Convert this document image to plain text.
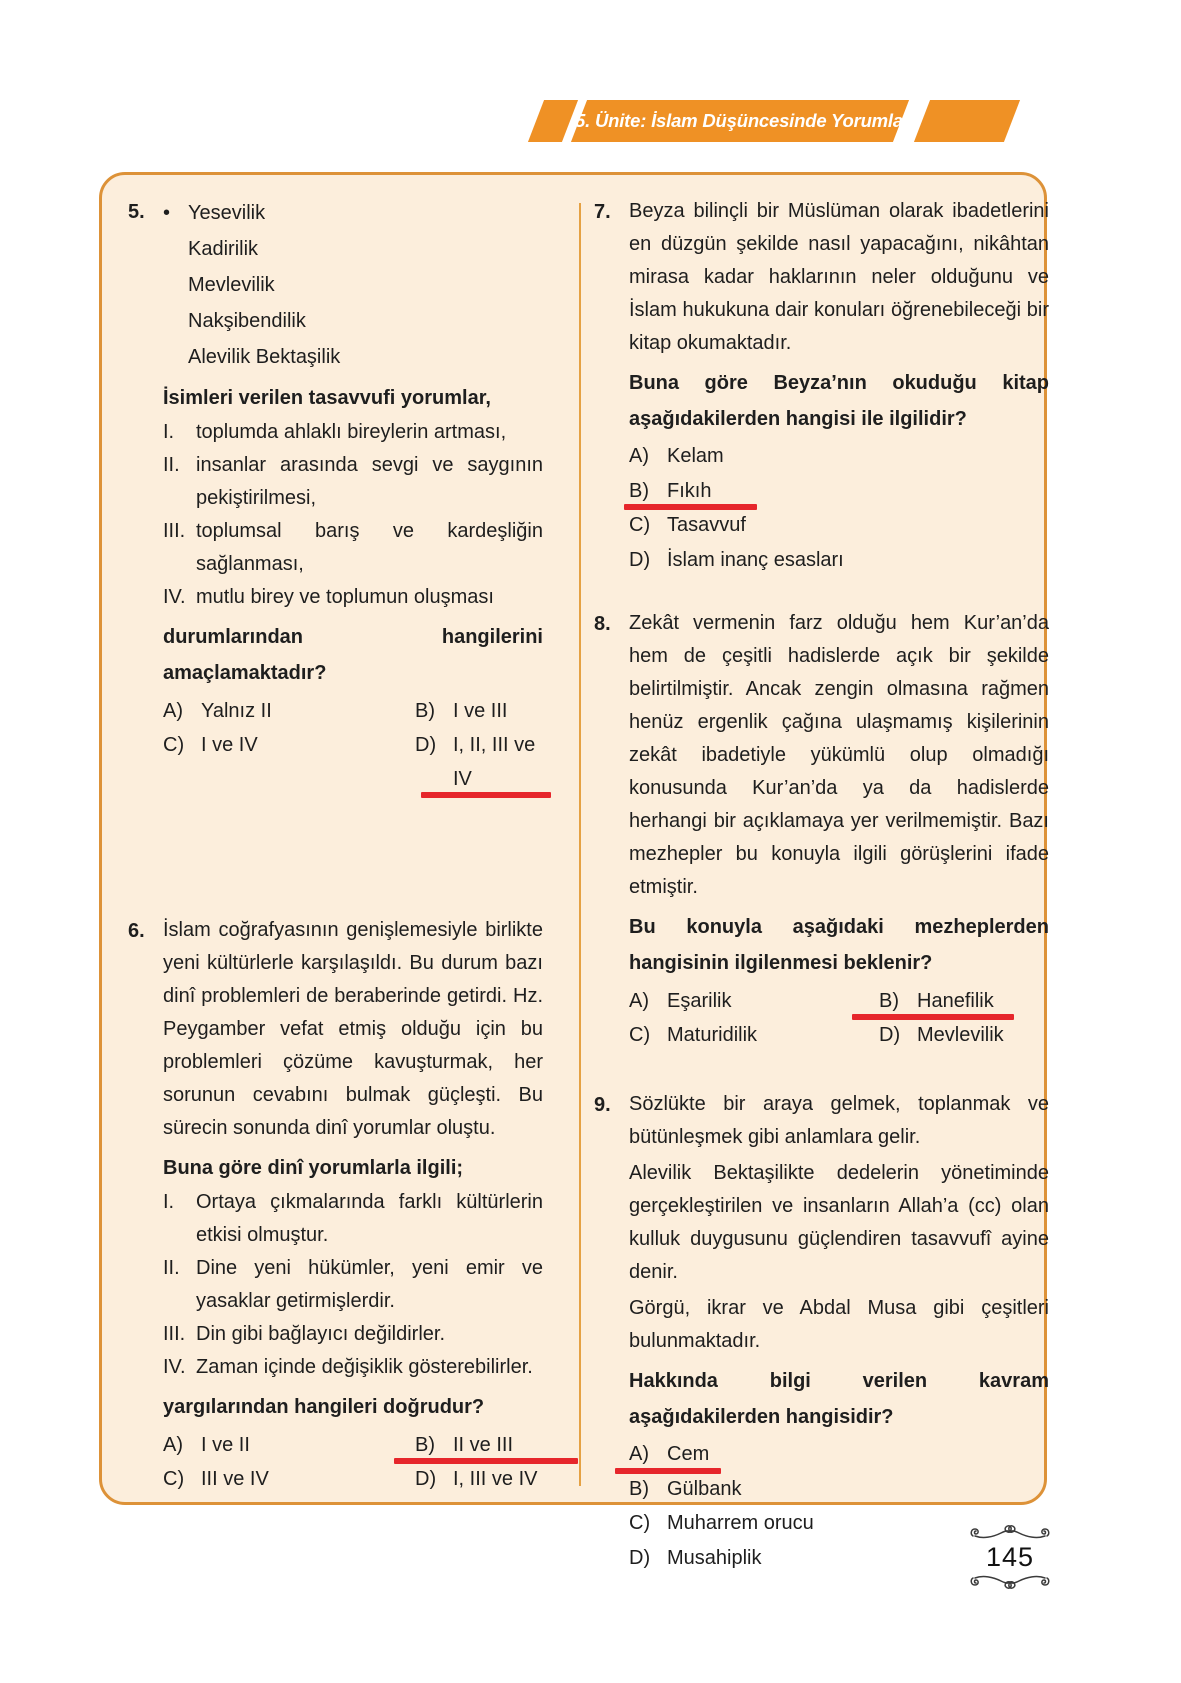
5. Ünite: İslam Düşüncesinde Yorumlar
5. • Yesevilik
Kadirilik
Mevlevilik
Nakşibendilik
Alevilik Bektaşilik
İsimleri verilen tasavvufi yorumlar,
I.	toplumda ahlaklı bireylerin artması,
II. insanlar arasında sevgi ve saygının pekiştirilmesi,
III. toplumsal barış ve kardeşliğin sağlanması,
IV. mutlu birey ve toplumun oluşması
durumlarından hangilerini amaçlamaktadır?
A) Yalnız II	B) I ve III
C) I ve IV	D) I, II, III ve IV
6. İslam coğrafyasının genişlemesiyle birlikte yeni kültürlerle karşılaşıldı. Bu durum bazı dinî problemleri de beraberinde getirdi. Hz. Peygamber vefat etmiş olduğu için bu problemleri çözüme kavuşturmak, her sorunun cevabını bulmak güçleşti. Bu sürecin sonunda dinî yorumlar oluştu.
Buna göre dinî yorumlarla ilgili;
I.	Ortaya çıkmalarında farklı kültürlerin etkisi olmuştur.
II. Dine yeni hükümler, yeni emir ve yasaklar getirmişlerdir.
III. Din gibi bağlayıcı değildirler.
IV. Zaman içinde değişiklik gösterebilirler.
yargılarından hangileri doğrudur?
A) I ve II	B) II ve III
C) III ve IV	D) I, III ve IV
7. Beyza bilinçli bir Müslüman olarak ibadetlerini en düzgün şekilde nasıl yapacağını, nikâhtan mirasa kadar haklarının neler olduğunu ve İslam hukukuna dair konuları öğrenebileceği bir kitap okumaktadır.
Buna göre Beyza’nın okuduğu kitap aşağıdakilerden hangisi ile ilgilidir?
A) Kelam
B) Fıkıh
C) Tasavvuf
D) İslam inanç esasları
8. Zekât vermenin farz olduğu hem Kur’an’da hem de çeşitli hadislerde açık bir şekilde belirtilmiştir. Ancak zengin olmasına rağmen henüz ergenlik çağına ulaşmamış kişilerinin zekât ibadetiyle yükümlü olup olmadığı konusunda Kur’an’da ya da hadislerde herhangi bir açıklamaya yer verilmemiştir. Bazı mezhepler bu konuyla ilgili görüşlerini ifade etmiştir.
Bu konuyla aşağıdaki mezheplerden hangisinin ilgilenmesi beklenir?
A) Eşarilik	B) Hanefilik
C) Maturidilik	D) Mevlevilik
9. Sözlükte bir araya gelmek, toplanmak ve bütünleşmek gibi anlamlara gelir.
Alevilik Bektaşilikte dedelerin yönetiminde gerçekleştirilen ve insanların Allah’a (cc) olan kulluk duygusunu güçlendiren tasavvufî ayine denir.
Görgü, ikrar ve Abdal Musa gibi çeşitleri bulunmaktadır.
Hakkında bilgi verilen kavram aşağıdakilerden hangisidir?
A) Cem
B) Gülbank
C) Muharrem orucu
D) Musahiplik	145
